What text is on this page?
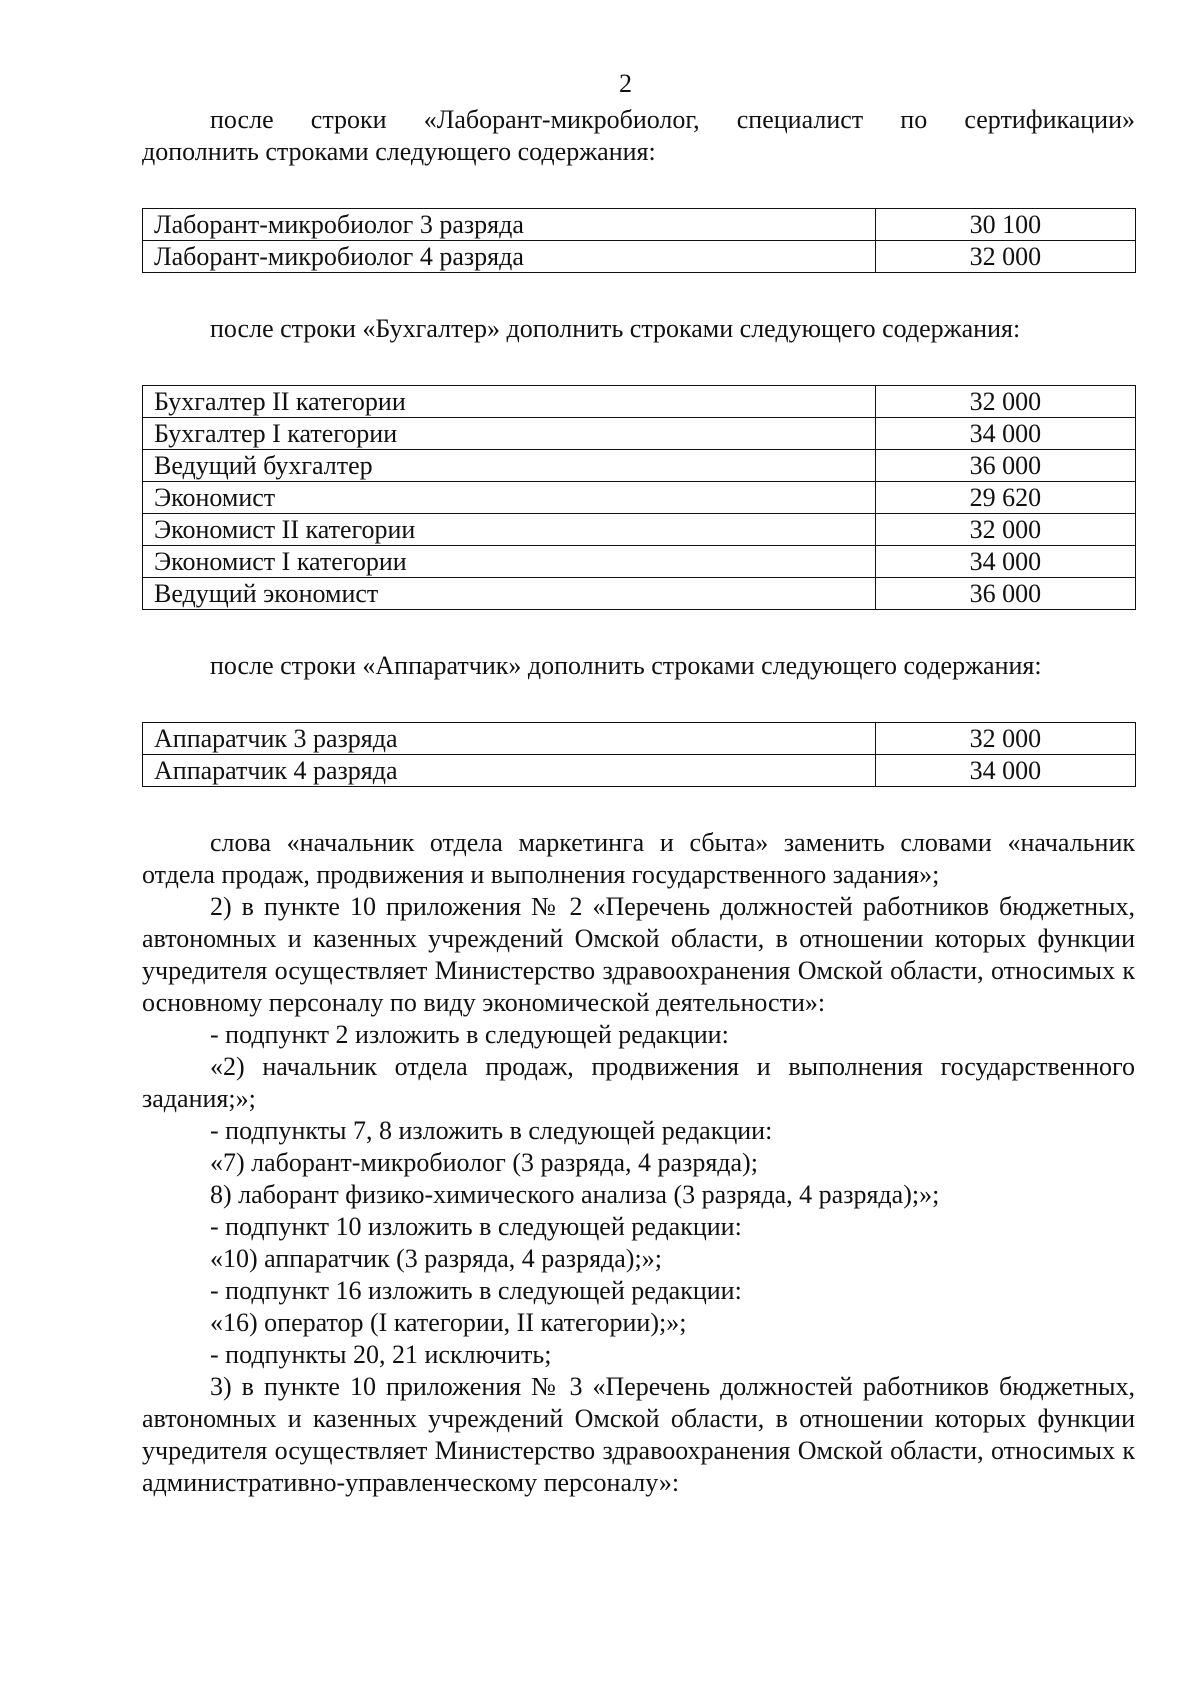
2

после строки «Лаборант-микробиолог, специалист по сертификации»

дополнить строками следующего содержания:

Лаборант-микробиолог 3 разряда	30 100
Лаборант-микробиолог 4 разряда	32 000

после строки «Бухгалтер» дополнить строками следующего содержания:

Бухгалтер II категории	32 000
Бухгалтер I категории	34 000
Ведущий бухгалтер	36 000
Экономист	29 620
Экономист II категории	32 000
Экономист I категории	34 000
Ведущий экономист	36 000

после строки «Аппаратчик» дополнить строками следующего содержания:

Аппаратчик 3 разряда	32 000
Аппаратчик 4 разряда	34 000

слова «начальник отдела маркетинга и сбыта» заменить словами «начальник отдела продаж, продвижения и выполнения государственного задания»;

2) в пункте 10 приложения № 2 «Перечень должностей работников бюджетных, автономных и казенных учреждений Омской области, в отношении которых функции учредителя осуществляет Министерство здравоохранения Омской области, относимых к основному персоналу по виду экономической деятельности»:

- подпункт 2 изложить в следующей редакции:

«2) начальник отдела продаж, продвижения и выполнения государственного задания;»;

- подпункты 7, 8 изложить в следующей редакции:

«7) лаборант-микробиолог (3 разряда, 4 разряда);

8) лаборант физико-химического анализа (3 разряда, 4 разряда);»;

- подпункт 10 изложить в следующей редакции:

«10) аппаратчик (3 разряда, 4 разряда);»;

- подпункт 16 изложить в следующей редакции:

«16) оператор (I категории, II категории);»;

- подпункты 20, 21 исключить;

3) в пункте 10 приложения № 3 «Перечень должностей работников бюджетных, автономных и казенных учреждений Омской области, в отношении которых функции учредителя осуществляет Министерство здравоохранения Омской области, относимых к административно-управленческому персоналу»:
